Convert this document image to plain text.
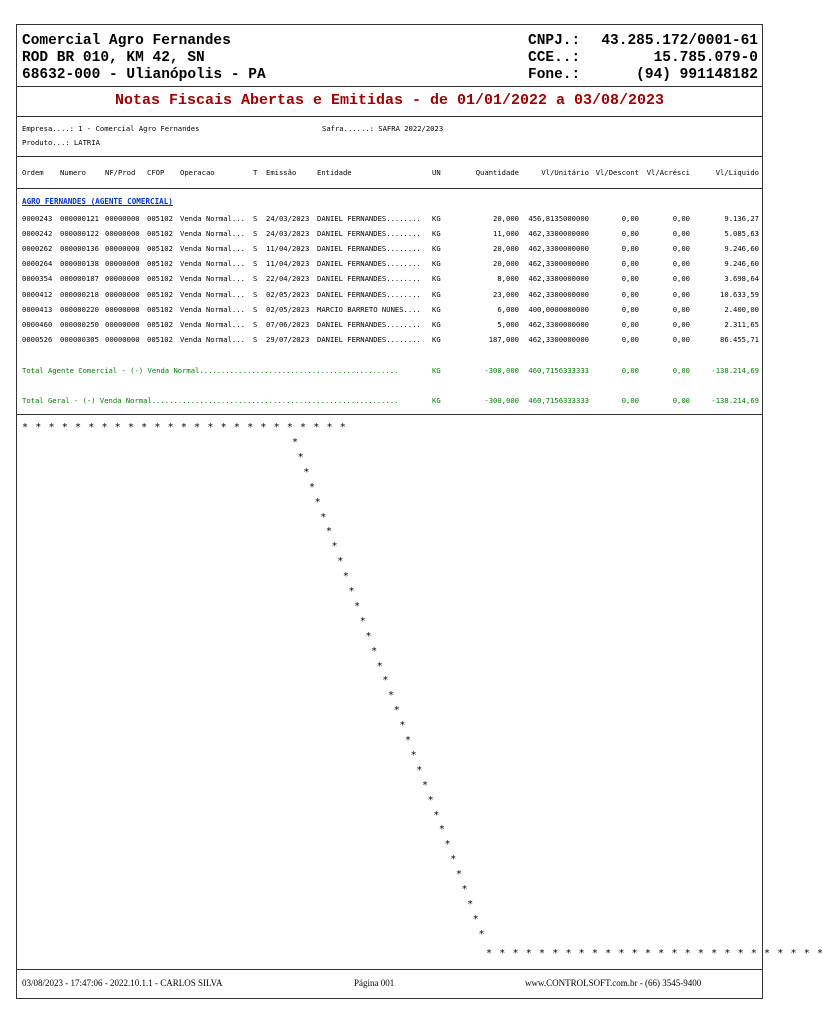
Comercial Agro Fernandes
ROD BR 010, KM 42, SN
68632-000 - Ulianópolis - PA
CNPJ.:	43.285.172/0001-61
CCE..:	15.785.079-0
Fone.:	(94) 991148182
Notas Fiscais Abertas e Emitidas - de 01/01/2022 a 03/08/2023
Empresa....: 1 - Comercial Agro Fernandes	Safra......: SAFRA 2022/2023
Produto...: LATRIA
Ordem Numero	NF/Prod CFOP Operacao	T Emissão	Entidade	UN	Quantidade	Vl/Unitário Vl/Descont	Vl/Acrésci	Vl/Liquido
AGRO FERNANDES (AGENTE COMERCIAL)
0000243 000000121 00000000 005102 Venda Normal... S 24/03/2023 DANIEL FERNANDES........ KG	20,000	456,8135000000	0,00	0,00	9.136,27
0000242 000000122 00000000 005102 Venda Normal... S 24/03/2023 DANIEL FERNANDES........ KG	11,000	462,3300000000	0,00	0,00	5.085,63
0000262 000000136 00000000 005102 Venda Normal... S 11/04/2023 DANIEL FERNANDES........ KG	20,000	462,3300000000	0,00	0,00	9.246,60
0000264 000000138 00000000 005102 Venda Normal... S 11/04/2023 DANIEL FERNANDES........ KG	20,000	462,3300000000	0,00	0,00	9.246,60
0000354 000000187 00000000 005102 Venda Normal... S 22/04/2023 DANIEL FERNANDES........ KG	8,000	462,3300000000	0,00	0,00	3.698,64
0000412 000000218 00000000 005102 Venda Normal... S 02/05/2023 DANIEL FERNANDES........ KG	23,000	462,3300000000	0,00	0,00	10.633,59
0000413 000000220 00000000 005102 Venda Normal... S 02/05/2023 MARCIO BARRETO NUNES.... KG	6,000	400,0000000000	0,00	0,00	2.400,00
0000460 000000250 00000000 005102 Venda Normal... S 07/06/2023 DANIEL FERNANDES........ KG	5,000	462,3300000000	0,00	0,00	2.311,65
0000526 000000305 00000000 005102 Venda Normal... S 29/07/2023 DANIEL FERNANDES........ KG	187,000	462,3300000000	0,00	0,00	86.455,71
Total Agente Comercial - (-) Venda Normal..............................................	KG	-300,000	460,7156333333	0,00	0,00	-138.214,69
Total Geral - (-) Venda Normal.........................................................	KG	-300,000	460,7156333333	0,00	0,00	-138.214,69
* * * * * * * * * * * * * * * * * * * * * * * * *
*
*
*
*
*
*
*
*
*
*
*
*
*
*
*
*
*
*
*
*
*
*
*
*
*
*
*
*
*
*
*
*
*
*
* * * * * * * * * * * * * * * * * * * * * * * * * *
03/08/2023 - 17:47:06 - 2022.10.1.1 - CARLOS SILVA	Página 001	www.CONTROLSOFT.com.br - (66) 3545-9400
